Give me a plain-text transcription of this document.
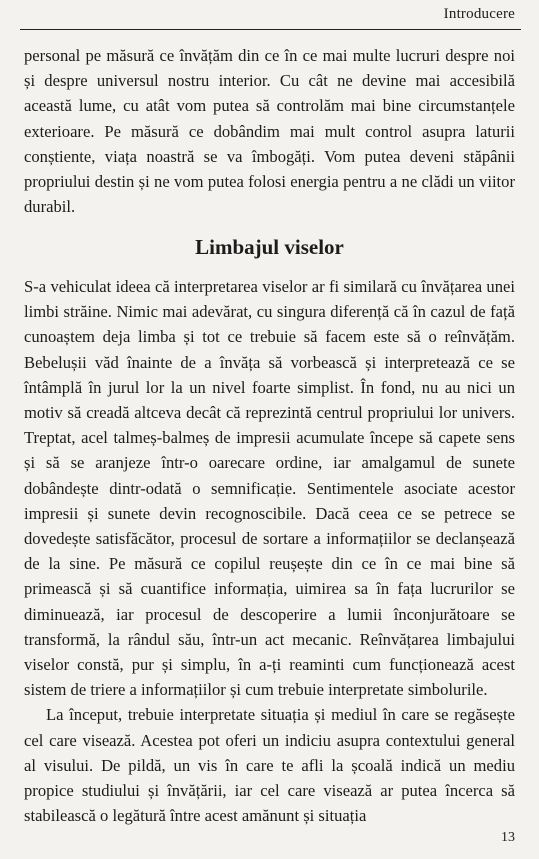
Introducere

personal pe măsură ce învățăm din ce în ce mai multe lucruri despre noi și despre universul nostru interior. Cu cât ne devine mai accesibilă această lume, cu atât vom putea să controlăm mai bine circumstanțele exterioare. Pe măsură ce dobândim mai mult control asupra laturii conștiente, viața noastră se va îmbogăți. Vom putea deveni stăpânii propriului destin și ne vom putea folosi energia pentru a ne clădi un viitor durabil.

Limbajul viselor

S-a vehiculat ideea că interpretarea viselor ar fi similară cu învățarea unei limbi străine. Nimic mai adevărat, cu singura diferență că în cazul de față cunoaștem deja limba și tot ce trebuie să facem este să o reînvățăm. Bebelușii văd înainte de a învăța să vorbească și interpretează ce se întâmplă în jurul lor la un nivel foarte simplist. În fond, nu au nici un motiv să creadă altceva decât că reprezintă centrul propriului lor univers. Treptat, acel talmeș-balmeș de impresii acumulate începe să capete sens și să se aranjeze într-o oarecare ordine, iar amalgamul de sunete dobândește dintr-odată o semnificație. Sentimentele asociate acestor impresii și sunete devin recognoscibile. Dacă ceea ce se petrece se dovedește satisfăcător, procesul de sortare a informațiilor se declanșează de la sine. Pe măsură ce copilul reușește din ce în ce mai bine să primească și să cuantifice informația, uimirea sa în fața lucrurilor se diminuează, iar procesul de descoperire a lumii înconjurătoare se transformă, la rândul său, într-un act mecanic. Reînvățarea limbajului viselor constă, pur și simplu, în a-ți reaminti cum funcționează acest sistem de triere a informațiilor și cum trebuie interpretate simbolurile.

La început, trebuie interpretate situația și mediul în care se regăsește cel care visează. Acestea pot oferi un indiciu asupra contextului general al visului. De pildă, un vis în care te afli la școală indică un mediu propice studiului și învățării, iar cel care visează ar putea încerca să stabilească o legătură între acest amănunt și situația

13
